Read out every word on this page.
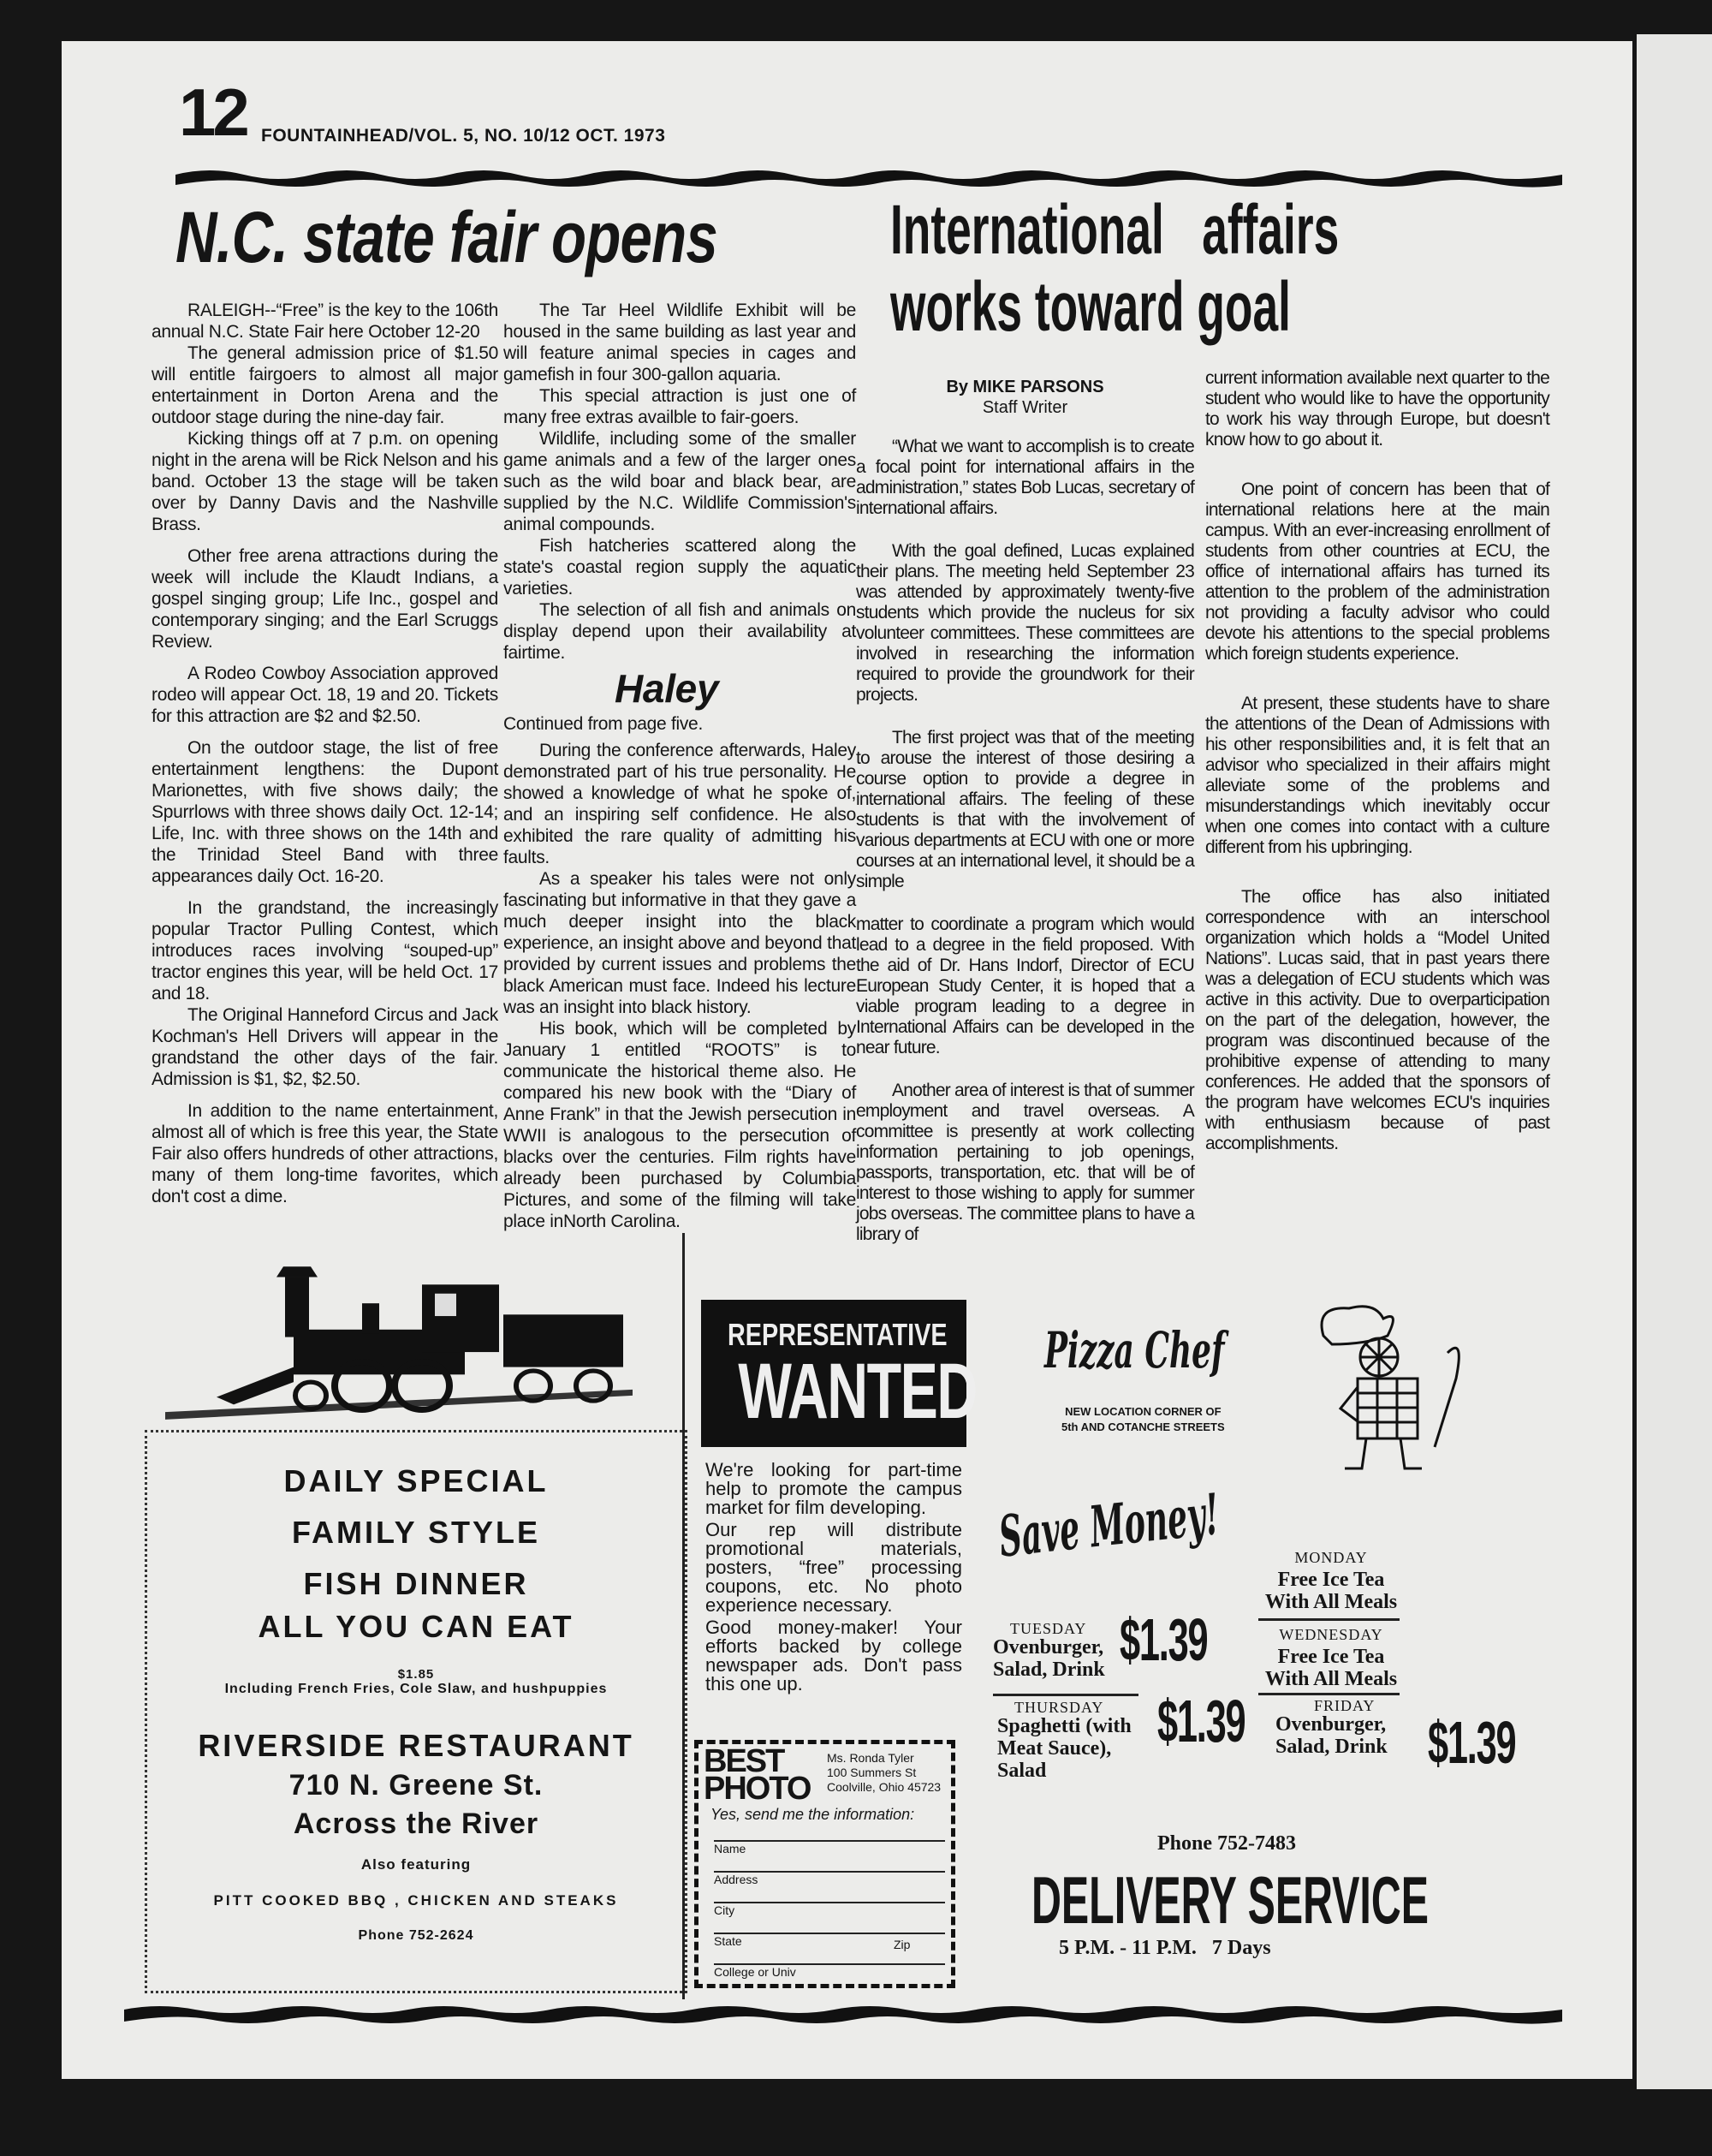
12 FOUNTAINHEAD/VOL. 5, NO. 10/12 OCT. 1973
N.C. state fair opens International   affairs
works toward goal

RALEIGH--“Free” is the key to the 106th annual N.C. State Fair here October 12-20

The general admission price of $1.50 will entitle fairgoers to almost all major entertainment in Dorton Arena and the outdoor stage during the nine-day fair.

Kicking things off at 7 p.m. on opening night in the arena will be Rick Nelson and his band. October 13 the stage will be taken over by Danny Davis and the Nashville Brass.

Other free arena attractions during the week will include the Klaudt Indians, a gospel singing group; Life Inc., gospel and contemporary singing; and the Earl Scruggs Review.

A Rodeo Cowboy Association approved rodeo will appear Oct. 18, 19 and 20. Tickets for this attraction are $2 and $2.50.

On the outdoor stage, the list of free entertainment lengthens: the Dupont Marionettes, with five shows daily; the Spurrlows with three shows daily Oct. 12-14; Life, Inc. with three shows on the 14th and the Trinidad Steel Band with three appearances daily Oct. 16-20.

In the grandstand, the increasingly popular Tractor Pulling Contest, which introduces races involving “souped-up” tractor engines this year, will be held Oct. 17 and 18.

The Original Hanneford Circus and Jack Kochman's Hell Drivers will appear in the grandstand the other days of the fair. Admission is $1, $2, $2.50.

In addition to the name entertainment, almost all of which is free this year, the State Fair also offers hundreds of other attractions, many of them long-time favorites, which don't cost a dime.

The Tar Heel Wildlife Exhibit will be housed in the same building as last year and will feature animal species in cages and gamefish in four 300-gallon aquaria.

This special attraction is just one of many free extras availble to fair-goers.

Wildlife, including some of the smaller game animals and a few of the larger ones such as the wild boar and black bear, are supplied by the N.C. Wildlife Commission's animal compounds.

Fish hatcheries scattered along the state's coastal region supply the aquatic varieties.

The selection of all fish and animals on display depend upon their availability at fairtime.

Haley

Continued from page five.

During the conference afterwards, Haley demonstrated part of his true personality. He showed a knowledge of what he spoke of, and an inspiring self confidence. He also exhibited the rare quality of admitting his faults.

As a speaker his tales were not only fascinating but informative in that they gave a much deeper insight into the black experience, an insight above and beyond that provided by current issues and problems the black American must face. Indeed his lecture was an insight into black history.

His book, which will be completed by January 1 entitled “ROOTS” is to communicate the historical theme also. He compared his new book with the “Diary of Anne Frank” in that the Jewish persecution in WWII is analogous to the persecution of blacks over the centuries. Film rights have already been purchased by Columbia Pictures, and some of the filming will take place inNorth Carolina.

By MIKE PARSONS
Staff Writer

“What we want to accomplish is to create a focal point for international affairs in the administration,” states Bob Lucas, secretary of international affairs.

With the goal defined, Lucas explained their plans. The meeting held September 23 was attended by approximately twenty-five students which provide the nucleus for six volunteer committees. These committees are involved in researching the information required to provide the groundwork for their projects.

The first project was that of the meeting to arouse the interest of those desiring a course option to provide a degree in international affairs. The feeling of these students is that with the involvement of various departments at ECU with one or more courses at an international level, it should be a simple

matter to coordinate a program which would lead to a degree in the field proposed. With the aid of Dr. Hans Indorf, Director of ECU European Study Center, it is hoped that a viable program leading to a degree in International Affairs can be developed in the near future.

Another area of interest is that of summer employment and travel overseas. A committee is presently at work collecting information pertaining to job openings, passports, transportation, etc. that will be of interest to those wishing to apply for summer jobs overseas. The committee plans to have a library of

current information available next quarter to the student who would like to have the opportunity to work his way through Europe, but doesn't know how to go about it.

One point of concern has been that of international relations here at the main campus. With an ever-increasing enrollment of students from other countries at ECU, the office of international affairs has turned its attention to the problem of the administration not providing a faculty advisor who could devote his attentions to the special problems which foreign students experience.

At present, these students have to share the attentions of the Dean of Admissions with his other responsibilities and, it is felt that an advisor who specialized in their affairs might alleviate some of the problems and misunderstandings which inevitably occur when one comes into contact with a culture different from his upbringing.

The office has also initiated correspondence with an interschool organization which holds a “Model United Nations”. Lucas said, that in past years there was a delegation of ECU students which was active in this activity. Due to overparticipation on the part of the delegation, however, the program was discontinued because of the prohibitive expense of attending to many conferences. He added that the sponsors of the program have welcomes ECU's inquiries with enthusiasm because of past accomplishments.

DAILY SPECIAL
FAMILY STYLE
FISH DINNER
ALL YOU CAN EAT
$1.85
Including French Fries, Cole Slaw, and hushpuppies
RIVERSIDE RESTAURANT
710 N. Greene St.
Across the River
Also featuring
PITT COOKED BBQ , CHICKEN AND STEAKS
Phone 752-2624
REPRESENTATIVE
WANTED

We're looking for part-time help to promote the campus market for film developing.

Our rep will distribute promotional materials, posters, “free” processing coupons, etc. No photo experience necessary.

Good money-maker! Your efforts backed by college newspaper ads. Don't pass this one up.

BEST
PHOTO
Ms. Ronda Tyler
100 Summers St
Coolville, Ohio 45723
Yes, send me the information:
Name
Address
City
State	Zip
College or Univ
Pizza Chef
NEW LOCATION CORNER OF
5th AND COTANCHE STREETS
Save Money!
TUESDAY
Ovenburger, Salad, Drink $1.39
THURSDAY
Spaghetti (with Meat Sauce), Salad
$1.39
MONDAY
Free Ice Tea With All Meals
WEDNESDAY
Free Ice Tea With All Meals
FRIDAY
Ovenburger, Salad, Drink $1.39
Phone 752-7483
DELIVERY SERVICE
5 P.M. - 11 P.M.   7 Days
